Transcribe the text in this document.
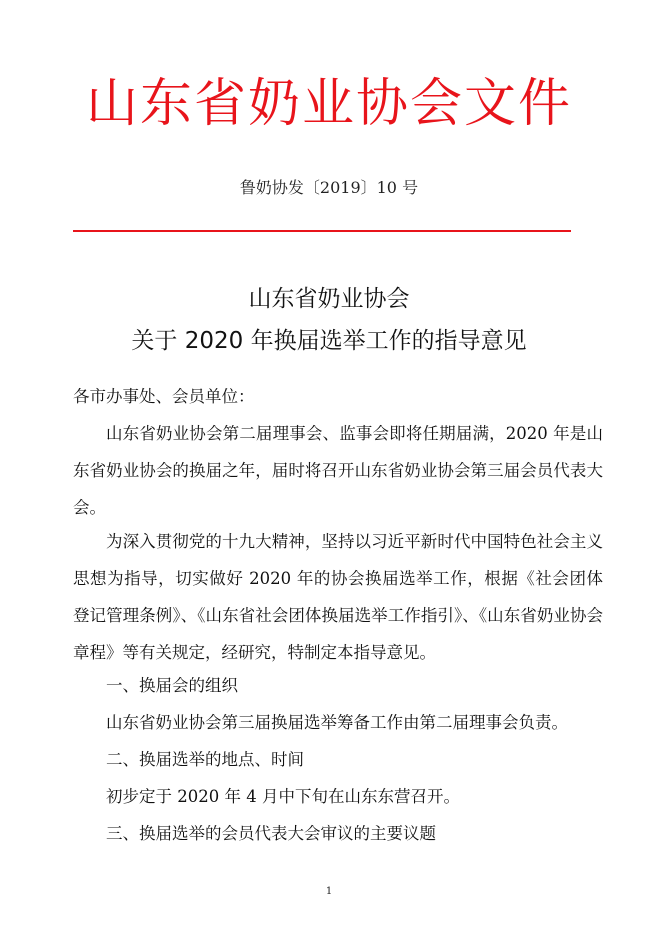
山东省奶业协会文件
鲁奶协发〔2019〕10 号
山东省奶业协会
关于 2020 年换届选举工作的指导意见
各市办事处、会员单位：
山东省奶业协会第二届理事会、监事会即将任期届满，2020 年是山东省奶业协会的换届之年，届时将召开山东省奶业协会第三届会员代表大会。
为深入贯彻党的十九大精神，坚持以习近平新时代中国特色社会主义思想为指导，切实做好 2020 年的协会换届选举工作，根据《社会团体登记管理条例》、《山东省社会团体换届选举工作指引》、《山东省奶业协会章程》等有关规定，经研究，特制定本指导意见。
一、换届会的组织
山东省奶业协会第三届换届选举筹备工作由第二届理事会负责。
二、换届选举的地点、时间
初步定于 2020 年 4 月中下旬在山东东营召开。
三、换届选举的会员代表大会审议的主要议题
1
